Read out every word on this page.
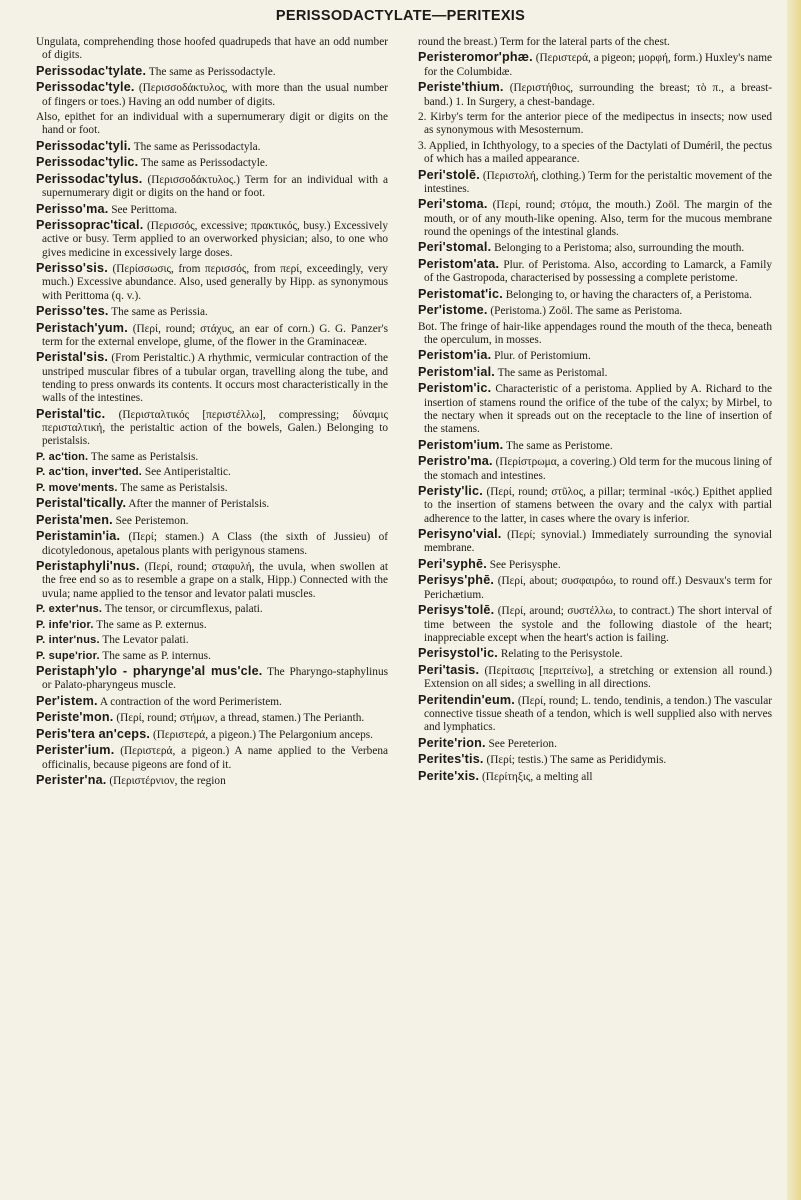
PERISSODACTYLATE—PERITEXIS

Ungulata, comprehending those hoofed quadrupeds that have an odd number of digits.

Perissodac'tylate. The same as Perissodactyle.

Perissodac'tyle. (Περισσοδάκτυλος, with more than the usual number of fingers or toes.) Having an odd number of digits.

Also, epithet for an individual with a supernumerary digit or digits on the hand or foot.

Perissodac'tyli. The same as Perissodactyla.

Perissodac'tylic. The same as Perissodactyle.

Perissodac'tylus. (Περισσοδάκτυλος.) Term for an individual with a supernumerary digit or digits on the hand or foot.

Perisso'ma. See Perittoma.

Perissoprac'tical. (Περισσός, excessive; πρακτικός, busy.) Excessively active or busy. Term applied to an overworked physician; also, to one who gives medicine in excessively large doses.

Perisso'sis. (Περίσσωσις, from περισσός, from περί, exceedingly, very much.) Excessive abundance. Also, used generally by Hipp. as synonymous with Perittoma (q. v.).

Perisso'tes. The same as Perissia.

Peristach'yum. (Περί, round; στάχυς, an ear of corn.) G. G. Panzer's term for the external envelope, glume, of the flower in the Graminaceæ.

Peristal'sis. (From Peristaltic.) A rhythmic, vermicular contraction of the unstriped muscular fibres of a tubular organ, travelling along the tube, and tending to press onwards its contents. It occurs most characteristically in the walls of the intestines.

Peristal'tic. (Περισταλτικός [περιστέλλω], compressing; δύναμις περισταλτική, the peristaltic action of the bowels, Galen.) Belonging to peristalsis.

P. ac'tion. The same as Peristalsis.

P. ac'tion, inver'ted. See Antiperistaltic.

P. move'ments. The same as Peristalsis.

Peristal'tically. After the manner of Peristalsis.

Perista'men. See Peristemon.

Peristamin'ia. (Περί; stamen.) A Class (the sixth of Jussieu) of dicotyledonous, apetalous plants with perigynous stamens.

Peristaphyli'nus. (Περί, round; σταφυλή, the uvula, when swollen at the free end so as to resemble a grape on a stalk, Hipp.) Connected with the uvula; name applied to the tensor and levator palati muscles.

P. exter'nus. The tensor, or circumflexus, palati.

P. infe'rior. The same as P. externus.

P. inter'nus. The Levator palati.

P. supe'rior. The same as P. internus.

Peristaph'ylo - pharynge'al mus'cle. The Pharyngo-staphylinus or Palato-pharyngeus muscle.

Per'istem. A contraction of the word Perimeristem.

Periste'mon. (Περί, round; στήμων, a thread, stamen.) The Perianth.

Peris'tera an'ceps. (Περιστερά, a pigeon.) The Pelargonium anceps.

Perister'ium. (Περιστερά, a pigeon.) A name applied to the Verbena officinalis, because pigeons are fond of it.

Perister'na. (Περιστέρνιον, the region

round the breast.) Term for the lateral parts of the chest.

Peristeromor'phæ. (Περιστερά, a pigeon; μορφή, form.) Huxley's name for the Columbidæ.

Periste'thium. (Περιστήθιος, surrounding the breast; τὸ π., a breast-band.) 1. In Surgery, a chest-bandage.

2. Kirby's term for the anterior piece of the medipectus in insects; now used as synonymous with Mesosternum.

3. Applied, in Ichthyology, to a species of the Dactylati of Duméril, the pectus of which has a mailed appearance.

Peri'stolē. (Περιστολή, clothing.) Term for the peristaltic movement of the intestines.

Peri'stoma. (Περί, round; στόμα, the mouth.) Zoöl. The margin of the mouth, or of any mouth-like opening. Also, term for the mucous membrane round the openings of the intestinal glands.

Peri'stomal. Belonging to a Peristoma; also, surrounding the mouth.

Peristom'ata. Plur. of Peristoma. Also, according to Lamarck, a Family of the Gastropoda, characterised by possessing a complete peristome.

Peristomat'ic. Belonging to, or having the characters of, a Peristoma.

Per'istome. (Peristoma.) Zoöl. The same as Peristoma.

Bot. The fringe of hair-like appendages round the mouth of the theca, beneath the operculum, in mosses.

Peristom'ia. Plur. of Peristomium.

Peristom'ial. The same as Peristomal.

Peristom'ic. Characteristic of a peristoma. Applied by A. Richard to the insertion of stamens round the orifice of the tube of the calyx; by Mirbel, to the nectary when it spreads out on the receptacle to the line of insertion of the stamens.

Peristom'ium. The same as Peristome.

Peristro'ma. (Περίστρωμα, a covering.) Old term for the mucous lining of the stomach and intestines.

Peristy'lic. (Περί, round; στῦλος, a pillar; terminal -ικός.) Epithet applied to the insertion of stamens between the ovary and the calyx with partial adherence to the latter, in cases where the ovary is inferior.

Perisyno'vial. (Περί; synovial.) Immediately surrounding the synovial membrane.

Peri'syphē. See Perisysphe.

Perisys'phē. (Περί, about; συσφαιρόω, to round off.) Desvaux's term for Perichætium.

Perisys'tolē. (Περί, around; συστέλλω, to contract.) The short interval of time between the systole and the following diastole of the heart; inappreciable except when the heart's action is failing.

Perisystol'ic. Relating to the Perisystole.

Peri'tasis. (Περίτασις [περιτείνω], a stretching or extension all round.) Extension on all sides; a swelling in all directions.

Peritendin'eum. (Περί, round; L. tendo, tendinis, a tendon.) The vascular connective tissue sheath of a tendon, which is well supplied also with nerves and lymphatics.

Perite'rion. See Pereterion.

Perites'tis. (Περί; testis.) The same as Perididymis.

Perite'xis. (Περίτηξις, a melting all
